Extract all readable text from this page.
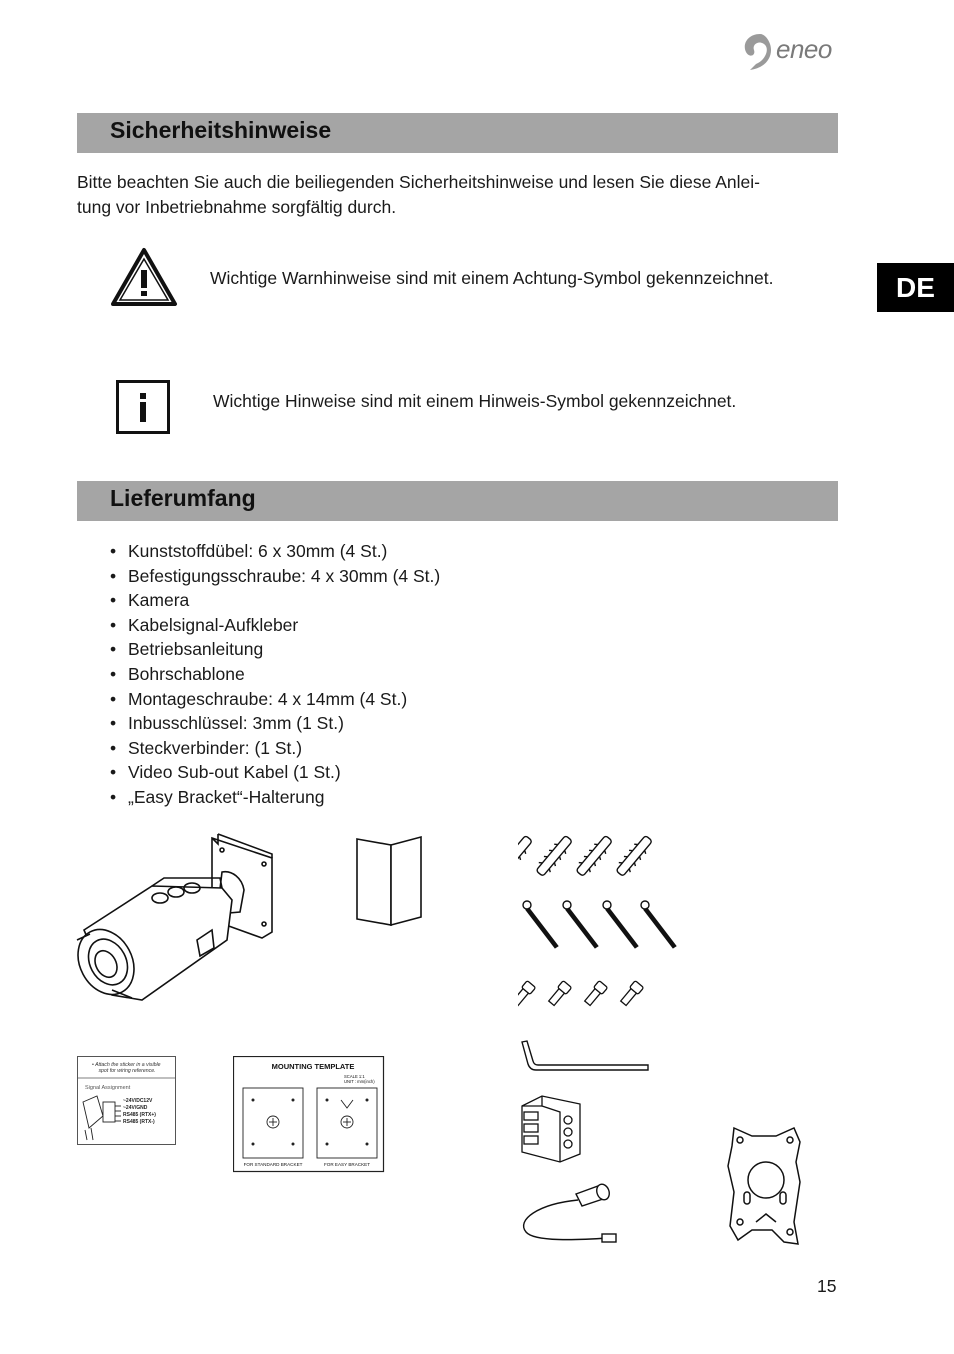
eneo
Sicherheitshinweise
Bitte beachten Sie auch die beiliegenden Sicherheitshinweise und lesen Sie diese Anlei-
tung vor Inbetriebnahme sorgfältig durch.
Wichtige Warnhinweise sind mit einem Achtung-Symbol gekennzeichnet.	DE
Wichtige Hinweise sind mit einem Hinweis-Symbol gekennzeichnet.
Lieferumfang
• Kunststoffdübel: 6 x 30mm (4 St.)
• Befestigungsschraube: 4 x 30mm (4 St.)
• Kamera
• Kabelsignal-Aufkleber
• Betriebsanleitung
• Bohrschablone
• Montageschraube: 4 x 14mm (4 St.)
• Inbusschlüssel: 3mm (1 St.)
• Steckverbinder: (1 St.)
• Video Sub-out Kabel (1 St.)
• „Easy Bracket“-Halterung
• Attach the sticker in a visible spot for wiring reference.
Signal Assignment
~24V/DC12V
~24V/GND
RS485 (RTX+)
RS485 (RTX-)
MOUNTING TEMPLATE
SCALE 1:1
UNIT : mm(inch)
FOR STANDARD BRACKET	FOR EASY BRACKET
15
